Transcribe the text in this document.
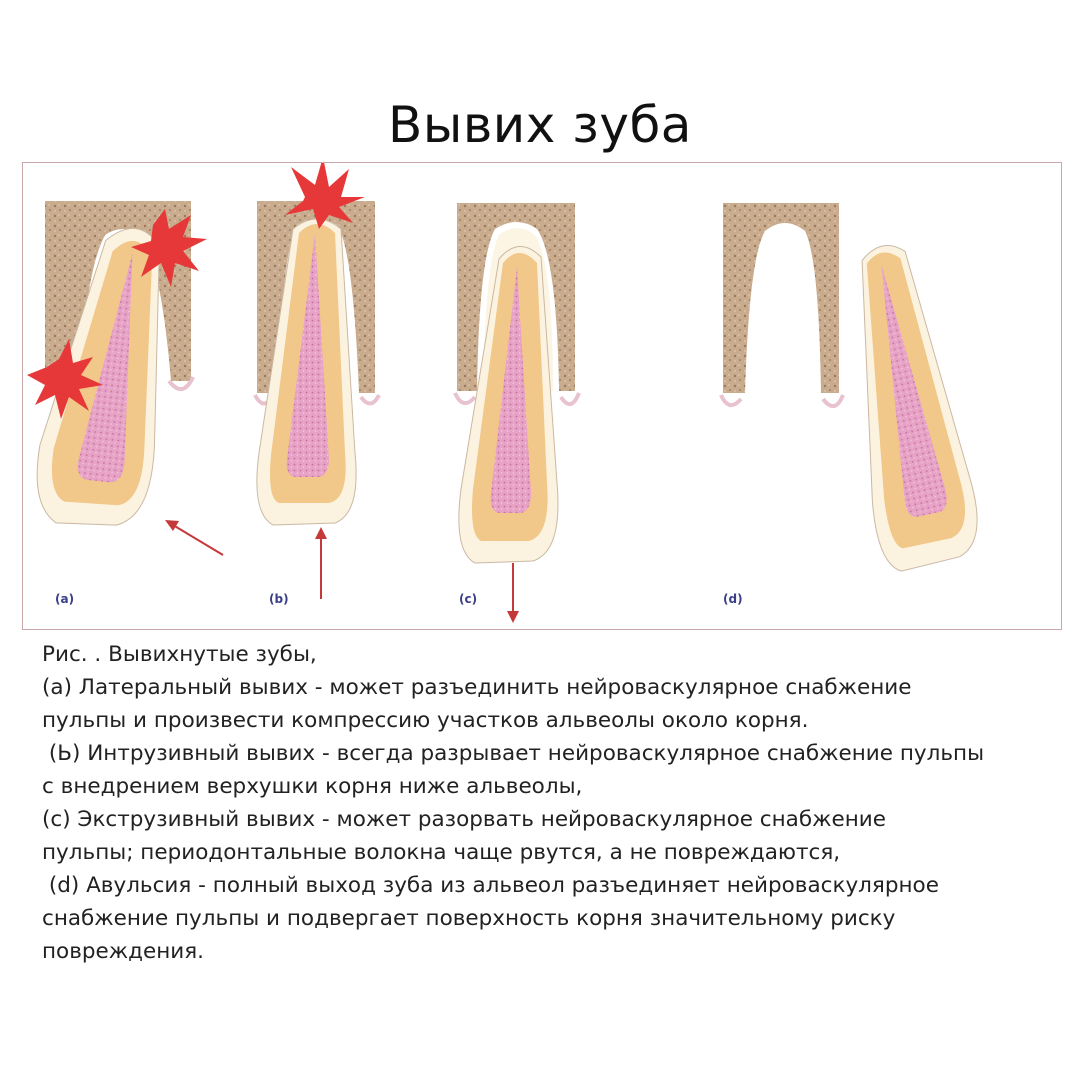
Вывих зуба
(a)	(b)	(c)	(d)
Рис. . Вывихнутые зубы,
(а) Латеральный вывих - может разъединить нейроваскулярное снабжение
пульпы и произвести компрессию участков альвеолы около корня.
(Ь) Интрузивный вывих - всегда разрывает нейроваскулярное снабжение пульпы
с внедрением верхушки корня ниже альвеолы,
(с) Экструзивный вывих - может разорвать нейроваскулярное снабжение
пульпы; периодонтальные волокна чаще рвутся, а не повреждаются,
(d) Авульсия - полный выход зуба из альвеол разъединяет нейроваскулярное
снабжение пульпы и подвергает поверхность корня значительному риску
повреждения.
